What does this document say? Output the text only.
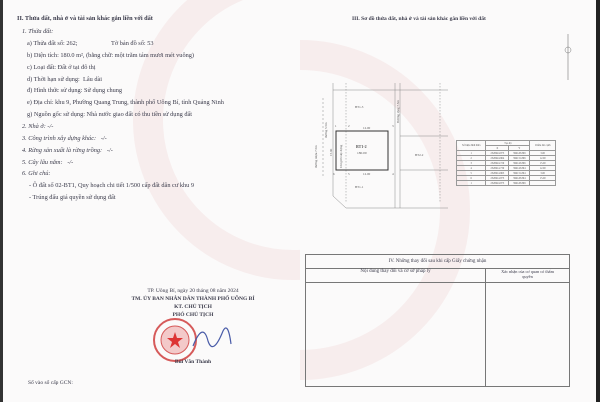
II. Thửa đất, nhà ở và tài sản khác gắn liền với đất
1. Thửa đất:
a) Thửa đất số: 262;	Tờ bản đồ số: 53
b) Diện tích: 180.0 m², (bằng chữ: một trăm tám mươi mét vuông)
c) Loại đất: Đất ở tại đô thị
d) Thời hạn sử dụng: Lâu dài
đ) Hình thức sử dụng: Sử dụng chung
e) Địa chỉ: khu 9, Phường Quang Trung, thành phố Uông Bí, tỉnh Quảng Ninh
g) Nguồn gốc sử dụng: Nhà nước giao đất có thu tiền sử dụng đất
2. Nhà ở: -/-
3. Công trình xây dựng khác: -/-
4. Rừng sản xuất là rừng trồng: -/-
5. Cây lâu năm: -/-
6. Ghi chú:
- Ô đất số 02-BT1, Quy hoạch chi tiết 1/500 cấp đất dân cư khu 9
- Trúng đấu giá quyền sử dụng đất
TP. Uông Bí, ngày 20 tháng 08 năm 2024
TM. ỦY BAN NHÂN DÂN THÀNH PHỐ UÔNG BÍ
KT. CHỦ TỊCH
PHÓ CHỦ TỊCH
Bùi Văn Thành
Số vào sổ cấp GCN:
III. Sơ đồ thửa đất, nhà ở và tài sản khác gắn liền với đất
BT1-3
BT1-1
BT2-2
BT1-2
180.00
12.00
12.00
1	2	3
4
5
6
đường nhựa 7.5m
đường 5.5m
Chỉ giới xây dựng
Đường rộng 7.5m
15.00
Số hiệu đỉnh thửa	Tọa độ		Chiều dài cạnh
	X	Y	
1	2326924.873	399128.899	3.00
2	2326924.864	399131.896	12.00
3	2326924.729	399143.896	15.00
4	2326914.730	399143.894	12.00
5	2326914.865	399131.894	3.00
6	2326914.873	399128.894	15.00
1	2326924.873	399128.899	
IV. Những thay đổi sau khi cấp Giấy chứng nhận	
Nội dung thay đổi và cơ sở pháp lý	Xác nhận của cơ quan có thẩm quyền
